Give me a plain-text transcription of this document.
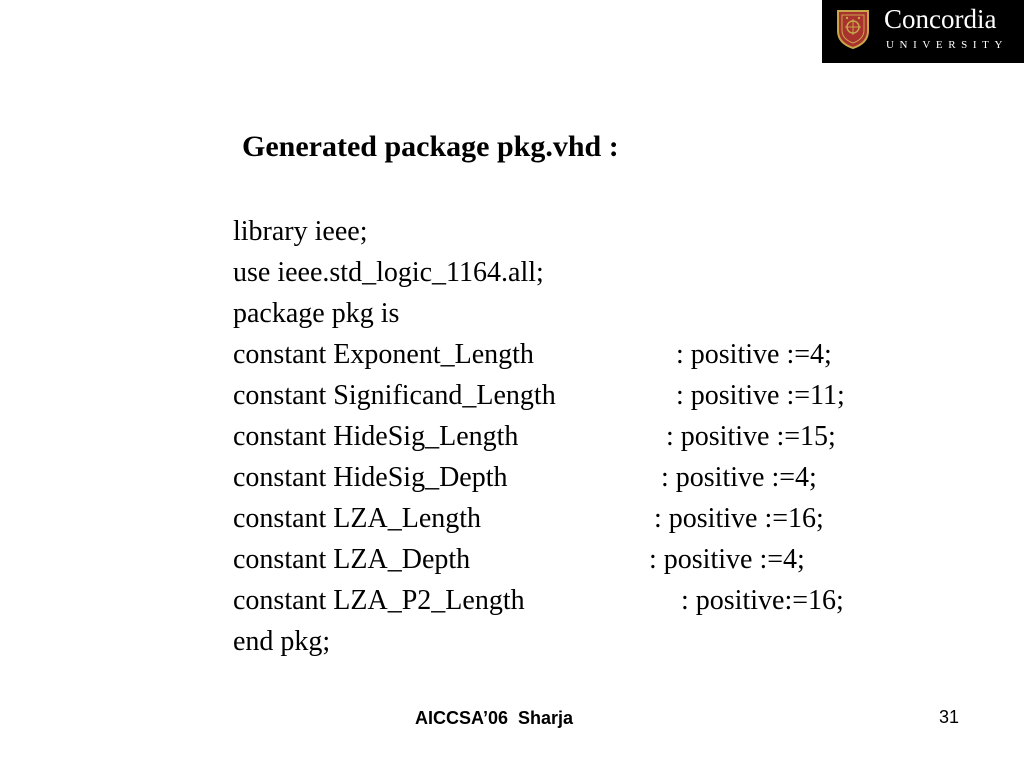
Concordia
UNIVERSITY
Generated package pkg.vhd :
library ieee;
use ieee.std_logic_1164.all;
package pkg is
constant Exponent_Length	: positive :=4;
constant Significand_Length	: positive :=11;
constant HideSig_Length	: positive :=15;
constant HideSig_Depth	: positive :=4;
constant LZA_Length	: positive :=16;
constant LZA_Depth	: positive :=4;
constant LZA_P2_Length	: positive:=16;
end pkg;
AICCSA’06  Sharja	31
